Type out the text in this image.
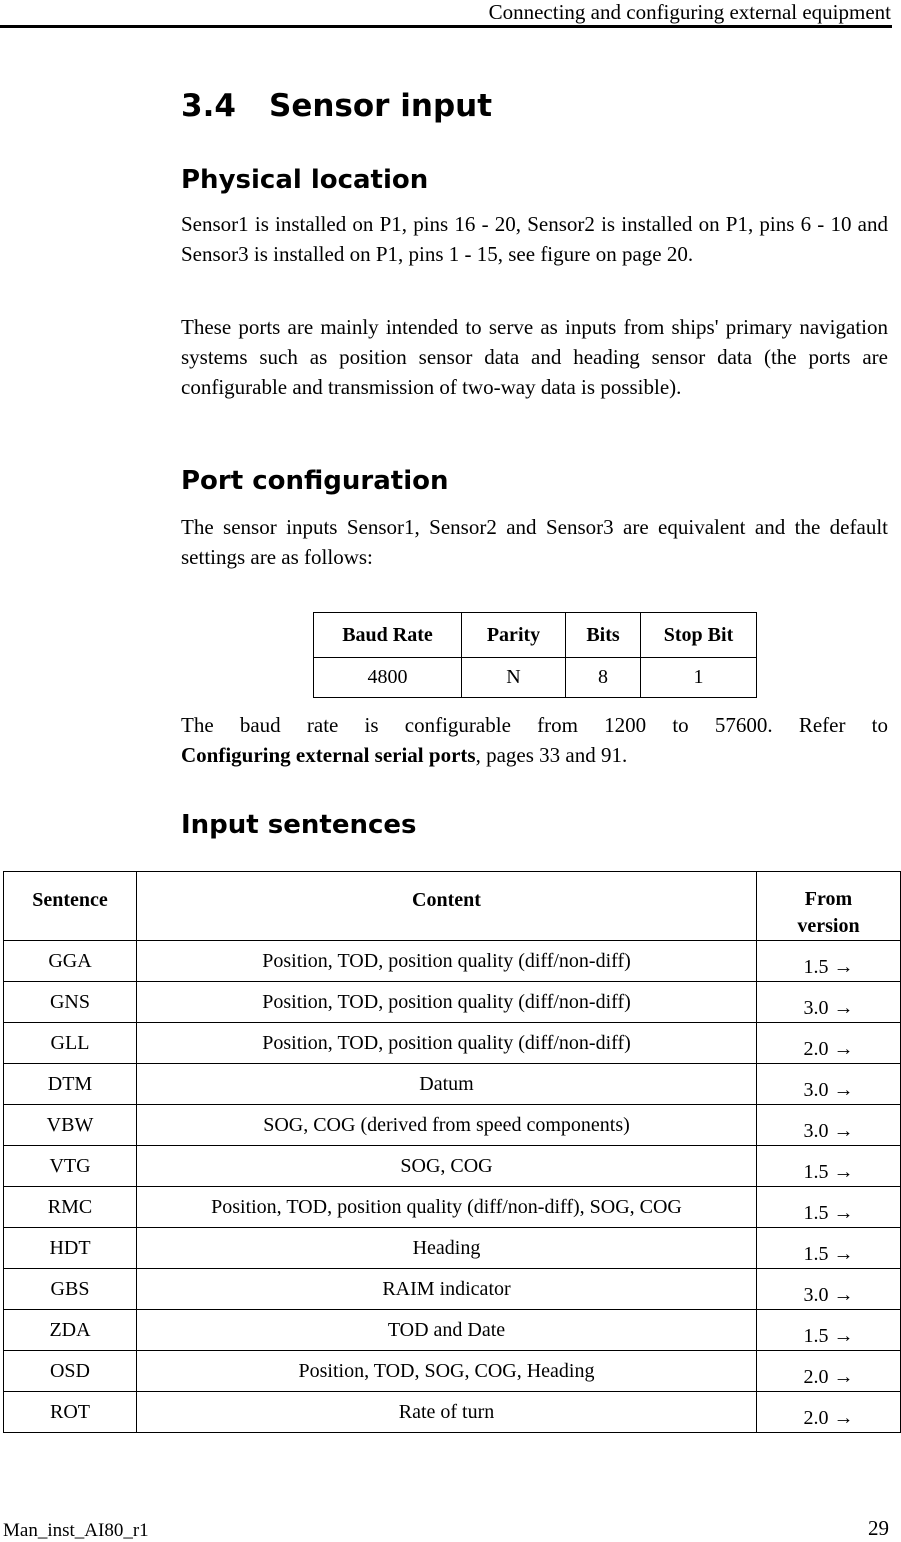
Connecting and configuring external equipment
3.4 Sensor input
Physical location

Sensor1 is installed on P1, pins 16 - 20, Sensor2 is installed on P1, pins 6 - 10 and Sensor3 is installed on P1, pins 1 - 15, see figure on page 20.

These ports are mainly intended to serve as inputs from ships' primary navigation systems such as position sensor data and heading sensor data (the ports are configurable and transmission of two-way data is possible).

Port configuration

The sensor inputs Sensor1, Sensor2 and Sensor3 are equivalent and the default settings are as follows:

Baud Rate	Parity	Bits	Stop Bit
4800	N	8	1

The baud rate is configurable from 1200 to 57600. Refer to

Configuring external serial ports, pages 33 and 91.

Input sentences
Sentence	Content	From
version
GGA	Position, TOD, position quality (diff/non-diff)	1.5 →
GNS	Position, TOD, position quality (diff/non-diff)	3.0 →
GLL	Position, TOD, position quality (diff/non-diff)	2.0 →
DTM	Datum	3.0 →
VBW	SOG, COG (derived from speed components)	3.0 →
VTG	SOG, COG	1.5 →
RMC	Position, TOD, position quality (diff/non-diff), SOG, COG	1.5 →
HDT	Heading	1.5 →
GBS	RAIM indicator	3.0 →
ZDA	TOD and Date	1.5 →
OSD	Position, TOD, SOG, COG, Heading	2.0 →
ROT	Rate of turn	2.0 →
Man_inst_AI80_r1	29
